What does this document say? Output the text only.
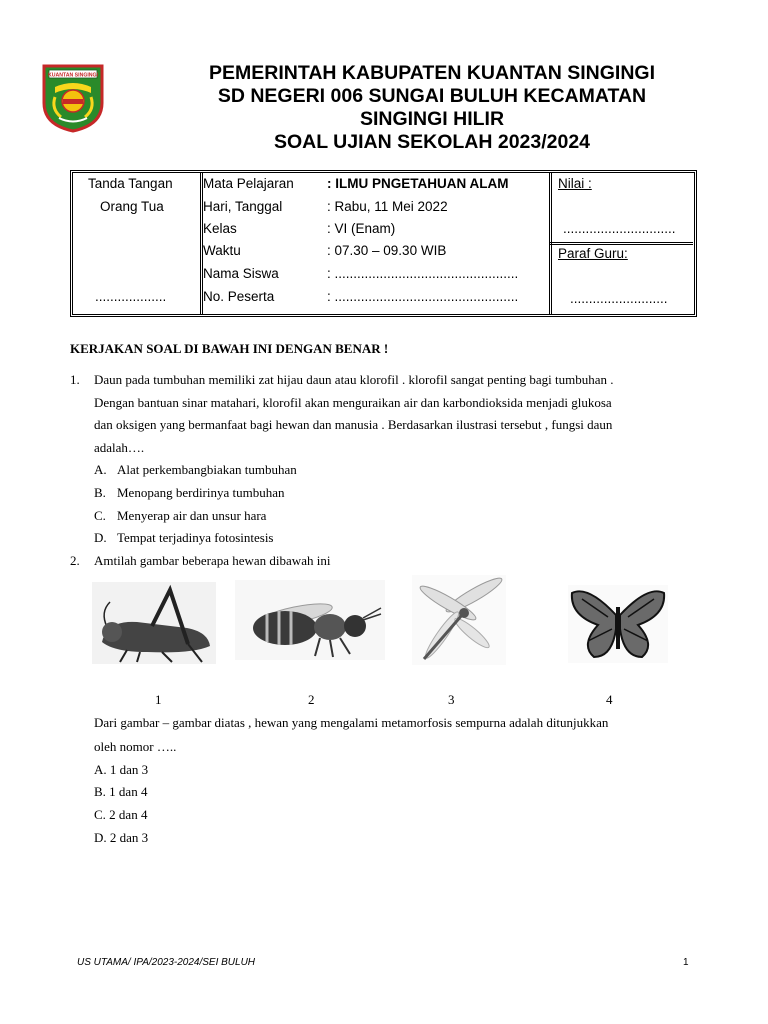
KUANTAN SINGINGI	PEMERINTAH KABUPATEN KUANTAN SINGINGI
SD NEGERI 006 SUNGAI BULUH KECAMATAN
SINGINGI HILIR
SOAL UJIAN SEKOLAH 2023/2024
Tanda Tangan
Orang Tua
...................
Mata Pelajaran : ILMU PNGETAHUAN ALAM
Hari, Tanggal	: Rabu, 11 Mei 2022
Kelas	: VI (Enam)
Waktu	: 07.30 – 09.30 WIB
Nama Siswa	: .................................................
No. Peserta	: .................................................
Nilai :
..............................
Paraf Guru:
..........................
KERJAKAN SOAL DI BAWAH INI DENGAN BENAR !
1. Daun pada tumbuhan memiliki zat hijau daun atau klorofil . klorofil sangat penting bagi tumbuhan .
Dengan bantuan sinar matahari, klorofil akan menguraikan air dan karbondioksida menjadi glukosa
dan oksigen yang bermanfaat bagi hewan dan manusia . Berdasarkan ilustrasi tersebut , fungsi daun
adalah….
A. Alat perkembangbiakan tumbuhan
B. Menopang berdirinya tumbuhan
C. Menyerap air dan unsur hara
D. Tempat terjadinya fotosintesis
2. Amtilah gambar beberapa hewan dibawah ini
1	2	3	4
Dari gambar – gambar diatas , hewan yang mengalami metamorfosis sempurna adalah ditunjukkan
oleh nomor …..
A. 1 dan 3
B. 1 dan 4
C. 2 dan 4
D. 2 dan 3
US UTAMA/ IPA/2023-2024/SEI BULUH	1
